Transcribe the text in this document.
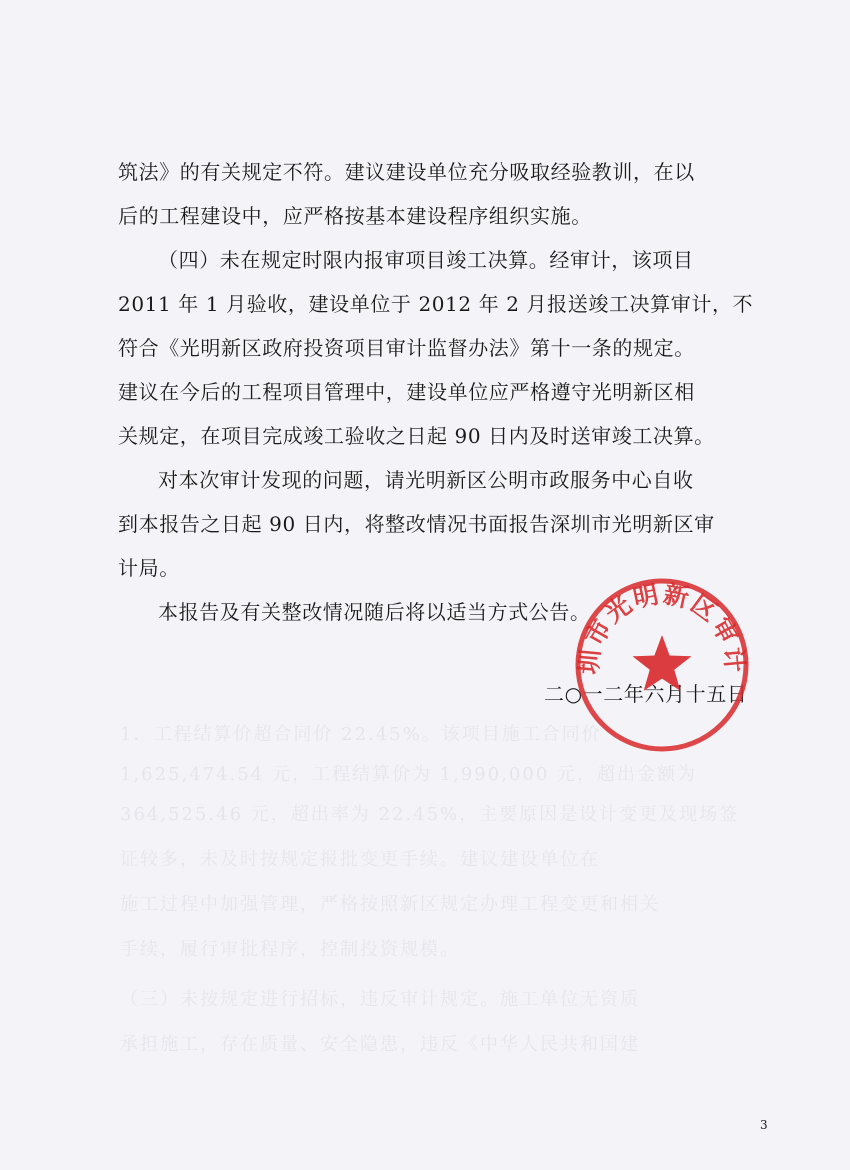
1．工程结算价超合同价 22.45%。该项目施工合同价
1,625,474.54 元，工程结算价为 1,990,000 元，超出金额为
364,525.46 元，超出率为 22.45%，主要原因是设计变更及现场签
证较多，未及时按规定报批变更手续。建议建设单位在
施工过程中加强管理，严格按照新区规定办理工程变更和相关
手续，履行审批程序，控制投资规模。
（三）未按规定进行招标，违反审计规定。施工单位无资质
承担施工，存在质量、安全隐患，违反《中华人民共和国建
筑法》的有关规定不符。建议建设单位充分吸取经验教训，在以
后的工程建设中，应严格按基本建设程序组织实施。
（四）未在规定时限内报审项目竣工决算。经审计，该项目
2011 年 1 月验收，建设单位于 2012 年 2 月报送竣工决算审计，不
符合《光明新区政府投资项目审计监督办法》第十一条的规定。
建议在今后的工程项目管理中，建设单位应严格遵守光明新区相
关规定，在项目完成竣工验收之日起 90 日内及时送审竣工决算。
对本次审计发现的问题，请光明新区公明市政服务中心自收
到本报告之日起 90 日内，将整改情况书面报告深圳市光明新区审
计局。
本报告及有关整改情况随后将以适当方式公告。
二○一二年六月十五日
圳市光明新区审计
3
